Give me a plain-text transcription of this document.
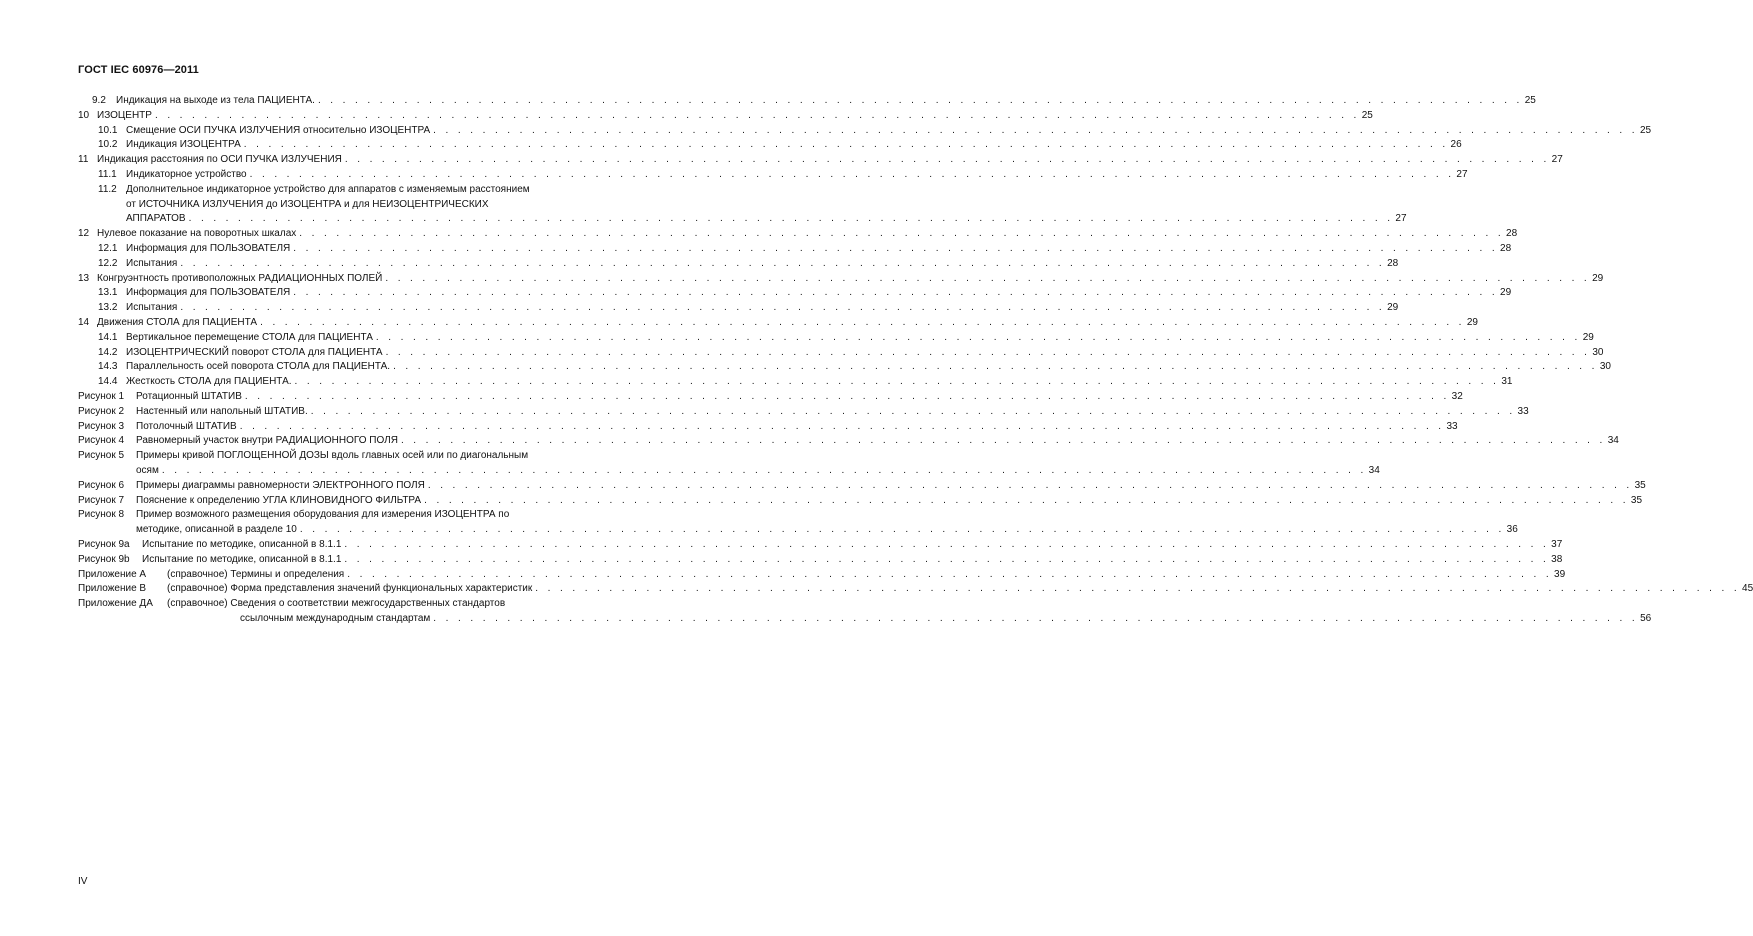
ГОСТ IEC 60976—2011
9.2 Индикация на выходе из тела ПАЦИЕНТА. . . . . . . . . . . . . . . . . . . . . . . . . . . . . . . . . . . . . . . . . . . . . . . . . . . . . . . . . . . . . . . . . . . . . . . . . . . . . . . . . . . . . . . . . . . . . . . . . . . 25
10 ИЗОЦЕНТР . . . . . . . . . . . . . . . . . . . . . . . . . . . . . . . . . . . . . . . . . . . . . . . . . . . . . . . . . . . . . . . . . . . . . . . . . . . . . . . . . . . . . . . . . . . . . . . . . . 25
10.1 Смещение ОСИ ПУЧКА ИЗЛУЧЕНИЯ относительно ИЗОЦЕНТРА . . . . . . . . . . . . . . . . . . . . . . . . . . . . . . . . . . . . . . . . . . . . . . . . . . . . . . . . . . . . . . . . . . . . . . . . . . . . . . . . . . . . . . . . . . . . . . . . . . 25
10.2 Индикация ИЗОЦЕНТРА . . . . . . . . . . . . . . . . . . . . . . . . . . . . . . . . . . . . . . . . . . . . . . . . . . . . . . . . . . . . . . . . . . . . . . . . . . . . . . . . . . . . . . . . . . . . . . . . . . 26
11 Индикация расстояния по ОСИ ПУЧКА ИЗЛУЧЕНИЯ . . . . . . . . . . . . . . . . . . . . . . . . . . . . . . . . . . . . . . . . . . . . . . . . . . . . . . . . . . . . . . . . . . . . . . . . . . . . . . . . . . . . . . . . . . . . . . . . . . 27
11.1 Индикаторное устройство . . . . . . . . . . . . . . . . . . . . . . . . . . . . . . . . . . . . . . . . . . . . . . . . . . . . . . . . . . . . . . . . . . . . . . . . . . . . . . . . . . . . . . . . . . . . . . . . . . 27
11.2 Дополнительное индикаторное устройство для аппаратов с изменяемым расстоянием
от ИСТОЧНИКА ИЗЛУЧЕНИЯ до ИЗОЦЕНТРА и для НЕИЗОЦЕНТРИЧЕСКИХ
АППАРАТОВ . . . . . . . . . . . . . . . . . . . . . . . . . . . . . . . . . . . . . . . . . . . . . . . . . . . . . . . . . . . . . . . . . . . . . . . . . . . . . . . . . . . . . . . . . . . . . . . . . . 27
12 Нулевое показание на поворотных шкалах . . . . . . . . . . . . . . . . . . . . . . . . . . . . . . . . . . . . . . . . . . . . . . . . . . . . . . . . . . . . . . . . . . . . . . . . . . . . . . . . . . . . . . . . . . . . . . . . . . 28
12.1 Информация для ПОЛЬЗОВАТЕЛЯ . . . . . . . . . . . . . . . . . . . . . . . . . . . . . . . . . . . . . . . . . . . . . . . . . . . . . . . . . . . . . . . . . . . . . . . . . . . . . . . . . . . . . . . . . . . . . . . . . . 28
12.2 Испытания . . . . . . . . . . . . . . . . . . . . . . . . . . . . . . . . . . . . . . . . . . . . . . . . . . . . . . . . . . . . . . . . . . . . . . . . . . . . . . . . . . . . . . . . . . . . . . . . . . 28
13 Конгруэнтность противоположных РАДИАЦИОННЫХ ПОЛЕЙ . . . . . . . . . . . . . . . . . . . . . . . . . . . . . . . . . . . . . . . . . . . . . . . . . . . . . . . . . . . . . . . . . . . . . . . . . . . . . . . . . . . . . . . . . . . . . . . . . . 29
13.1 Информация для ПОЛЬЗОВАТЕЛЯ . . . . . . . . . . . . . . . . . . . . . . . . . . . . . . . . . . . . . . . . . . . . . . . . . . . . . . . . . . . . . . . . . . . . . . . . . . . . . . . . . . . . . . . . . . . . . . . . . . 29
13.2 Испытания . . . . . . . . . . . . . . . . . . . . . . . . . . . . . . . . . . . . . . . . . . . . . . . . . . . . . . . . . . . . . . . . . . . . . . . . . . . . . . . . . . . . . . . . . . . . . . . . . . 29
14 Движения СТОЛА для ПАЦИЕНТА . . . . . . . . . . . . . . . . . . . . . . . . . . . . . . . . . . . . . . . . . . . . . . . . . . . . . . . . . . . . . . . . . . . . . . . . . . . . . . . . . . . . . . . . . . . . . . . . . . 29
14.1 Вертикальное перемещение СТОЛА для ПАЦИЕНТА . . . . . . . . . . . . . . . . . . . . . . . . . . . . . . . . . . . . . . . . . . . . . . . . . . . . . . . . . . . . . . . . . . . . . . . . . . . . . . . . . . . . . . . . . . . . . . . . . . 29
14.2 ИЗОЦЕНТРИЧЕСКИЙ поворот СТОЛА для ПАЦИЕНТА . . . . . . . . . . . . . . . . . . . . . . . . . . . . . . . . . . . . . . . . . . . . . . . . . . . . . . . . . . . . . . . . . . . . . . . . . . . . . . . . . . . . . . . . . . . . . . . . . . 30
14.3 Параллельность осей поворота СТОЛА для ПАЦИЕНТА. . . . . . . . . . . . . . . . . . . . . . . . . . . . . . . . . . . . . . . . . . . . . . . . . . . . . . . . . . . . . . . . . . . . . . . . . . . . . . . . . . . . . . . . . . . . . . . . . . . 30
14.4 Жесткость СТОЛА для ПАЦИЕНТА. . . . . . . . . . . . . . . . . . . . . . . . . . . . . . . . . . . . . . . . . . . . . . . . . . . . . . . . . . . . . . . . . . . . . . . . . . . . . . . . . . . . . . . . . . . . . . . . . . . 31
Рисунок 1 Ротационный ШТАТИВ . . . . . . . . . . . . . . . . . . . . . . . . . . . . . . . . . . . . . . . . . . . . . . . . . . . . . . . . . . . . . . . . . . . . . . . . . . . . . . . . . . . . . . . . . . . . . . . . . . 32
Рисунок 2 Настенный или напольный ШТАТИВ. . . . . . . . . . . . . . . . . . . . . . . . . . . . . . . . . . . . . . . . . . . . . . . . . . . . . . . . . . . . . . . . . . . . . . . . . . . . . . . . . . . . . . . . . . . . . . . . . . . 33
Рисунок 3 Потолочный ШТАТИВ . . . . . . . . . . . . . . . . . . . . . . . . . . . . . . . . . . . . . . . . . . . . . . . . . . . . . . . . . . . . . . . . . . . . . . . . . . . . . . . . . . . . . . . . . . . . . . . . . . 33
Рисунок 4 Равномерный участок внутри РАДИАЦИОННОГО ПОЛЯ . . . . . . . . . . . . . . . . . . . . . . . . . . . . . . . . . . . . . . . . . . . . . . . . . . . . . . . . . . . . . . . . . . . . . . . . . . . . . . . . . . . . . . . . . . . . . . . . . . 34
Рисунок 5 Примеры кривой ПОГЛОЩЕННОЙ ДОЗЫ вдоль главных осей или по диагональным
осям . . . . . . . . . . . . . . . . . . . . . . . . . . . . . . . . . . . . . . . . . . . . . . . . . . . . . . . . . . . . . . . . . . . . . . . . . . . . . . . . . . . . . . . . . . . . . . . . . . 34
Рисунок 6 Примеры диаграммы равномерности ЭЛЕКТРОННОГО ПОЛЯ . . . . . . . . . . . . . . . . . . . . . . . . . . . . . . . . . . . . . . . . . . . . . . . . . . . . . . . . . . . . . . . . . . . . . . . . . . . . . . . . . . . . . . . . . . . . . . . . . . 35
Рисунок 7 Пояснение к определению УГЛА КЛИНОВИДНОГО ФИЛЬТРА . . . . . . . . . . . . . . . . . . . . . . . . . . . . . . . . . . . . . . . . . . . . . . . . . . . . . . . . . . . . . . . . . . . . . . . . . . . . . . . . . . . . . . . . . . . . . . . . . . 35
Рисунок 8 Пример возможного размещения оборудования для измерения ИЗОЦЕНТРА по
методике, описанной в разделе 10 . . . . . . . . . . . . . . . . . . . . . . . . . . . . . . . . . . . . . . . . . . . . . . . . . . . . . . . . . . . . . . . . . . . . . . . . . . . . . . . . . . . . . . . . . . . . . . . . . . 36
Рисунок 9a Испытание по методике, описанной в 8.1.1 . . . . . . . . . . . . . . . . . . . . . . . . . . . . . . . . . . . . . . . . . . . . . . . . . . . . . . . . . . . . . . . . . . . . . . . . . . . . . . . . . . . . . . . . . . . . . . . . . . 37
Рисунок 9b Испытание по методике, описанной в 8.1.1 . . . . . . . . . . . . . . . . . . . . . . . . . . . . . . . . . . . . . . . . . . . . . . . . . . . . . . . . . . . . . . . . . . . . . . . . . . . . . . . . . . . . . . . . . . . . . . . . . . 38
Приложение А (справочное) Термины и определения . . . . . . . . . . . . . . . . . . . . . . . . . . . . . . . . . . . . . . . . . . . . . . . . . . . . . . . . . . . . . . . . . . . . . . . . . . . . . . . . . . . . . . . . . . . . . . . . . . 39
Приложение В (справочное) Форма представления значений функциональных характеристик . . . . . . . . . . . . . . . . . . . . . . . . . . . . . . . . . . . . . . . . . . . . . . . . . . . . . . . . . . . . . . . . . . . . . . . . . . . . . . . . . . . . . . . . . . . . . . . . . . 45
Приложение ДА (справочное) Сведения о соответствии межгосударственных стандартов
ссылочным международным стандартам . . . . . . . . . . . . . . . . . . . . . . . . . . . . . . . . . . . . . . . . . . . . . . . . . . . . . . . . . . . . . . . . . . . . . . . . . . . . . . . . . . . . . . . . . . . . . . . . . . 56
IV
